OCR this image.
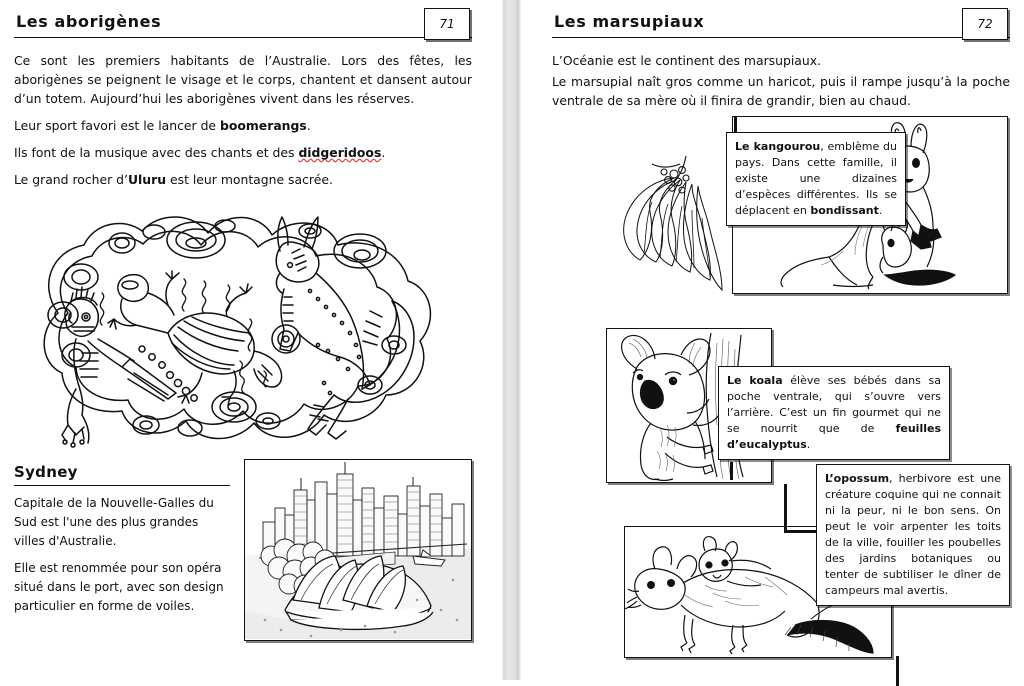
Les aborigènes	71

Ce sont les premiers habitants de l’Australie. Lors des fêtes, les aborigènes se peignent le visage et le corps, chantent et dansent autour d’un totem. Aujourd’hui les aborigènes vivent dans les réserves.

Leur sport favori est le lancer de boomerangs.

Ils font de la musique avec des chants et des didgeridoos.

Le grand rocher d’Uluru est leur montagne sacrée.

Sydney

Capitale de la Nouvelle-Galles du Sud est l'une des plus grandes villes d'Australie.

Elle est renommée pour son opéra situé dans le port, avec son design particulier en forme de voiles.

Les marsupiaux	72

L’Océanie est le continent des marsupiaux.

Le marsupial naît gros comme un haricot, puis il rampe jusqu’à la poche ventrale de sa mère où il finira de grandir, bien au chaud.

Le kangourou, emblème du pays. Dans cette famille, il existe une dizaines d’espèces différentes. Ils se déplacent en bondissant.
Le koala élève ses bébés dans sa poche ventrale, qui s’ouvre vers l’arrière. C’est un fin gourmet qui ne se nourrit que de feuilles d’eucalyptus.
L’opossum, herbivore est une créature coquine qui ne connait ni la peur, ni le bon sens. On peut le voir arpenter les toits de la ville, fouiller les poubelles des jardins botaniques ou tenter de subtiliser le dîner de campeurs mal avertis.
